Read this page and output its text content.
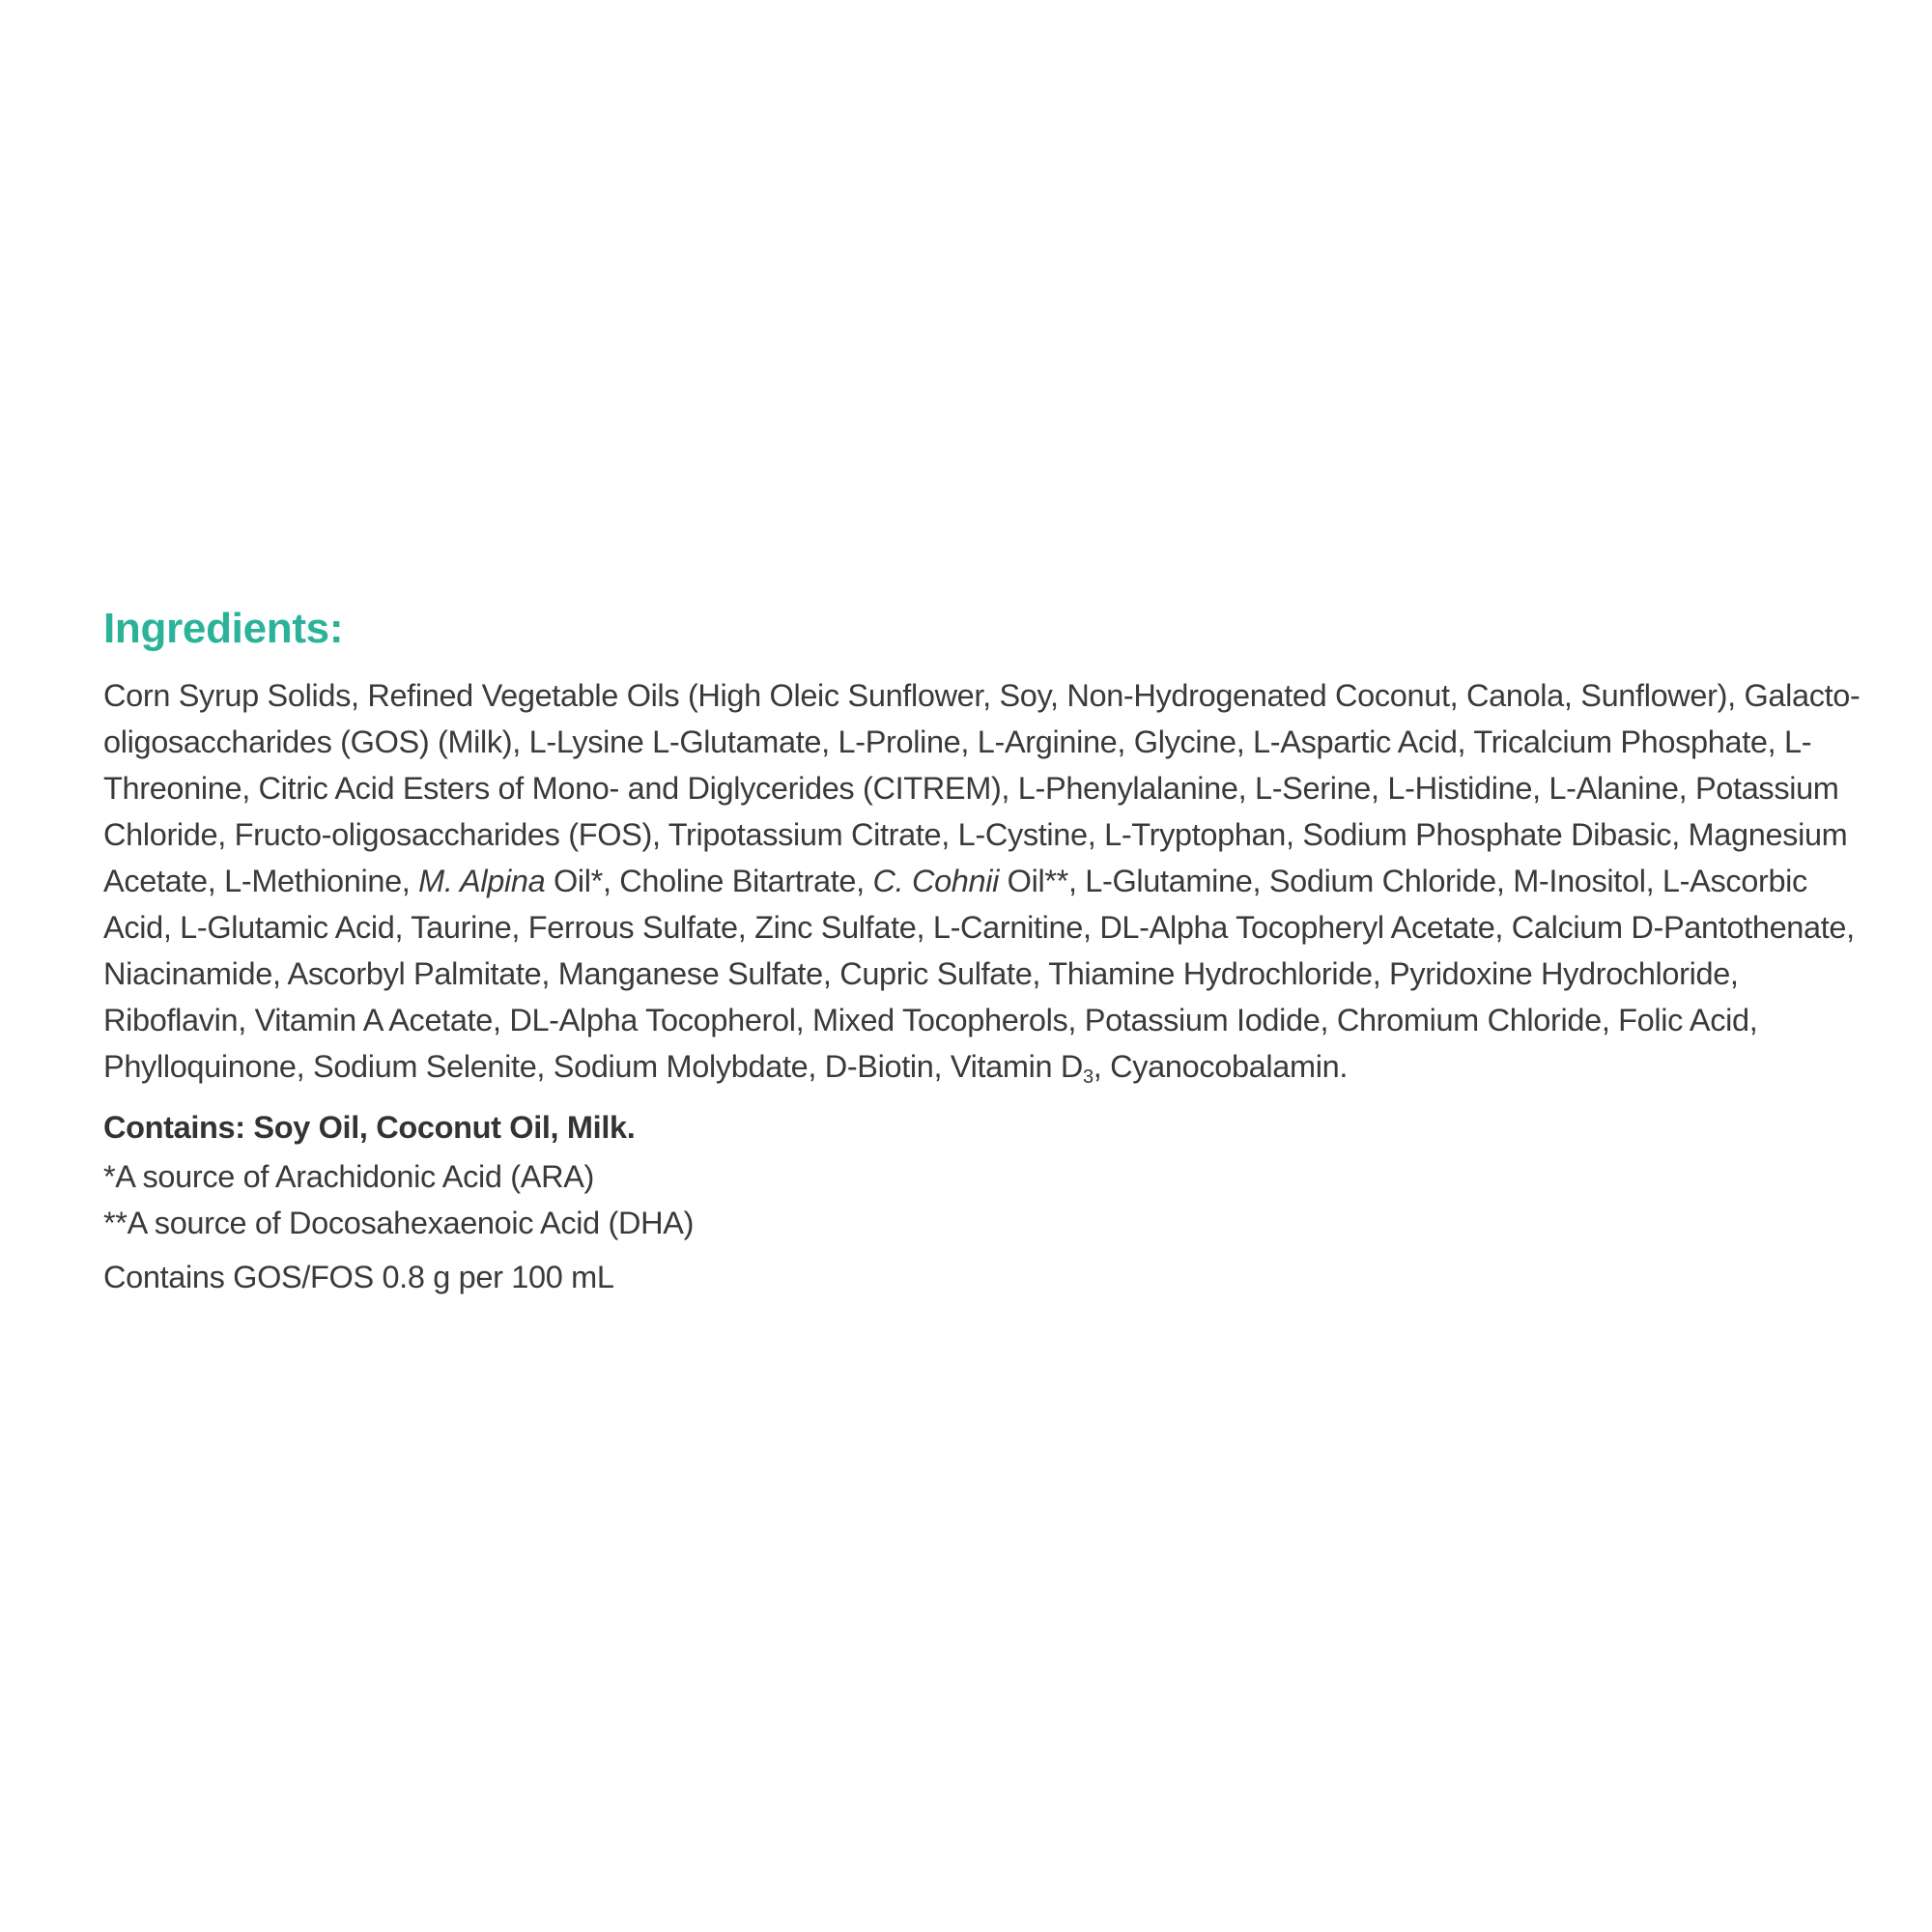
Ingredients:

Corn Syrup Solids, Refined Vegetable Oils (High Oleic Sunflower, Soy, Non-Hydrogenated Coconut, Canola, Sunflower), Galacto-oligosaccharides (GOS) (Milk), L-Lysine L-Glutamate, L-Proline, L-Arginine, Glycine, L-Aspartic Acid, Tricalcium Phosphate, L-Threonine, Citric Acid Esters of Mono- and Diglycerides (CITREM), L-Phenylalanine, L-Serine, L-Histidine, L-Alanine, Potassium Chloride, Fructo-oligosaccharides (FOS), Tripotassium Citrate, L-Cystine, L-Tryptophan, Sodium Phosphate Dibasic, Magnesium Acetate, L-Methionine, M. Alpina Oil*, Choline Bitartrate, C. Cohnii Oil**, L-Glutamine, Sodium Chloride, M-Inositol, L-Ascorbic Acid, L-Glutamic Acid, Taurine, Ferrous Sulfate, Zinc Sulfate, L-Carnitine, DL-Alpha Tocopheryl Acetate, Calcium D-Pantothenate, Niacinamide, Ascorbyl Palmitate, Manganese Sulfate, Cupric Sulfate, Thiamine Hydrochloride, Pyridoxine Hydrochloride, Riboflavin, Vitamin A Acetate, DL-Alpha Tocopherol, Mixed Tocopherols, Potassium Iodide, Chromium Chloride, Folic Acid, Phylloquinone, Sodium Selenite, Sodium Molybdate, D-Biotin, Vitamin $D_3$, Cyanocobalamin.

Contains: Soy Oil, Coconut Oil, Milk.

*A source of Arachidonic Acid (ARA)

**A source of Docosahexaenoic Acid (DHA)

Contains GOS/FOS 0.8 g per 100 mL
